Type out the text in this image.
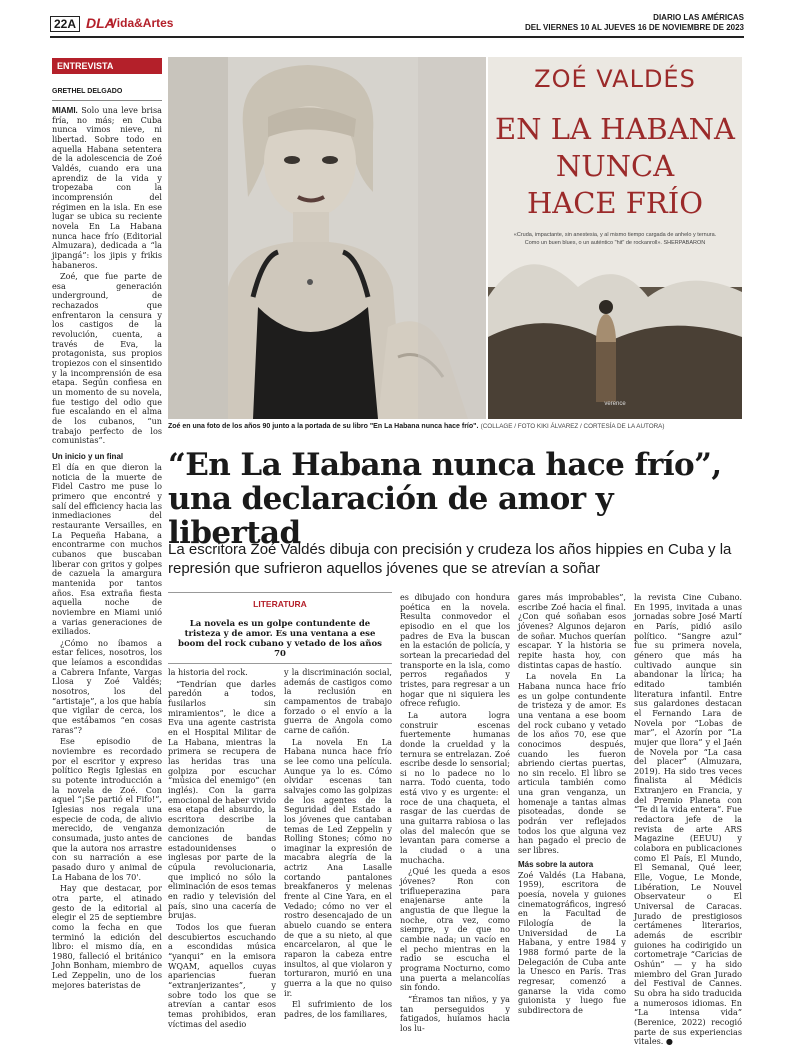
22A DLA
Vida&Artes	DIARIO LAS AMÉRICAS
DEL VIERNES 10 AL JUEVES 16 DE NOVIEMBRE DE 2023
ENTREVISTA
GRETHEL DELGADO

MIAMI. Solo una leve brisa fría, no más; en Cuba nunca vimos nieve, ni libertad. Sobre todo en aquella Habana setentera de la adolescencia de Zoé Valdés, cuando era una aprendiz de la vida y tropezaba con la incomprensión del régimen en la isla. En ese lugar se ubica su reciente novela En La Habana nunca hace frío (Editorial Almuzara), dedicada a “la jipangá”: los jipis y frikis habaneros.

Zoé, que fue parte de esa generación underground, de rechazados que enfrentaron la censura y los castigos de la revolución, cuenta, a través de Eva, la protagonista, sus propios tropiezos con el sinsentido y la incomprensión de esa etapa. Según confiesa en un momento de su novela, fue testigo del odio que fue escalando en el alma de los cubanos, “un trabajo perfecto de los comunistas”.

Un inicio y un final

El día en que dieron la noticia de la muerte de Fidel Castro me puse lo primero que encontré y salí del efficiency hacia las inmediaciones del restaurante Versailles, en La Pequeña Habana, a encontrarme con muchos cubanos que buscaban liberar con gritos y golpes de cazuela la amargura mantenida por tantos años. Esa extraña fiesta aquella noche de noviembre en Miami unió a varias generaciones de exiliados.

¿Cómo no íbamos a estar felices, nosotros, los que leíamos a escondidas a Cabrera Infante, Vargas Llosa y Zoé Valdés; nosotros, los del “artistaje”, a los que había que vigilar de cerca, los que estábamos “en cosas raras”?

Ese episodio de noviembre es recordado por el escritor y expreso político Regis Iglesias en su potente introducción a la novela de Zoé. Con aquel “¡Se partió el Fifo!”, Iglesias nos regala una especie de coda, de alivio merecido, de venganza consumada, justo antes de que la autora nos arrastre con su narración a ese pasado duro y animal de La Habana de los 70'.

Hay que destacar, por otra parte, el atinado gesto de la editorial al elegir el 25 de septiembre como la fecha en que terminó la edición del libro: el mismo día, en 1980, falleció el británico John Bonham, miembro de Led Zeppelin, uno de los mejores bateristas de

ZOÉ VALDÉS
EN LA HABANA
NUNCA
HACE FRÍO
«Cruda, impactante, sin anestesia, y al mismo tiempo cargada de anhelo y ternura. Como un buen blues, o un auténtico "hit" de rockanroll». SHERPABARON
verence
Zoé en una foto de los años 90 junto a la portada de su libro "En La Habana nunca hace frío". (COLLAGE / FOTO KIKI ÁLVAREZ / CORTESÍA DE LA AUTORA)
“En La Habana nunca hace frío”, una declaración de amor y libertad
La escritora Zoé Valdés dibuja con precisión y crudeza los años hippies en Cuba y la represión que sufrieron aquellos jóvenes que se atrevían a soñar
LITERATURA
La novela es un golpe contundente de tristeza y de amor. Es una ventana a ese boom del rock cubano y vetado de los años 70

la historia del rock.

“Tendrían que darles paredón a todos, fusilarlos sin miramientos”, le dice a Eva una agente castrista en el Hospital Militar de La Habana, mientras la primera se recupera de las heridas tras una golpiza por escuchar “música del enemigo” (en inglés). Con la garra emocional de haber vivido esa etapa del absurdo, la escritora describe la demonización de canciones de bandas estadounidenses o inglesas por parte de la cúpula revolucionaria, que implicó no sólo la eliminación de esos temas en radio y televisión del país, sino una cacería de brujas.

Todos los que fueran descubiertos escuchando a escondidas música “yanqui” en la emisora WQAM, aquellos cuyas apariencias fueran “extranjerizantes”, y sobre todo los que se atrevían a cantar esos temas prohibidos, eran víctimas del asedio

y la discriminación social, además de castigos como la reclusión en campamentos de trabajo forzado o el envío a la guerra de Angola como carne de cañón.

La novela En La Habana nunca hace frío se lee como una película. Aunque ya lo es. Cómo olvidar escenas tan salvajes como las golpizas de los agentes de la Seguridad del Estado a los jóvenes que cantaban temas de Led Zeppelin y Rolling Stones; cómo no imaginar la expresión de macabra alegría de la actriz Ana Lasalle cortando pantalones breakfaneros y melenas frente al Cine Yara, en el Vedado; cómo no ver el rostro desencajado de un abuelo cuando se entera de que a su nieto, al que encarcelaron, al que le raparon la cabeza entre insultos, al que violaron y torturaron, murió en una guerra a la que no quiso ir.

El sufrimiento de los padres, de los familiares,

es dibujado con hondura poética en la novela. Resulta conmovedor el episodio en el que los padres de Eva la buscan en la estación de policía, y sortean la precariedad del transporte en la isla, como perros regañados y tristes, para regresar a un hogar que ni siquiera les ofrece refugio.

La autora logra construir escenas fuertemente humanas donde la crueldad y la ternura se entrelazan. Zoé escribe desde lo sensorial; si no lo padece no lo narra. Todo cuenta, todo está vivo y es urgente: el roce de una chaqueta, el rasgar de las cuerdas de una guitarra rabiosa o las olas del malecón que se levantan para comerse a la ciudad o a una muchacha.

¿Qué les queda a esos jóvenes? Ron con triflueperazina para enajenarse ante la angustia de que llegue la noche, otra vez, como siempre, y de que no cambie nada; un vacío en el pecho mientras en la radio se escucha el programa Nocturno, como una puerta a melancolías sin fondo.

“Éramos tan niños, y ya tan perseguidos y fatigados, huíamos hacia los lu-

gares más improbables”, escribe Zoé hacia el final. ¿Con qué soñaban esos jóvenes? Algunos dejaron de soñar. Muchos querían escapar. Y la historia se repite hasta hoy, con distintas capas de hastío.

La novela En La Habana nunca hace frío es un golpe contundente de tristeza y de amor. Es una ventana a ese boom del rock cubano y vetado de los años 70, ese que conocimos después, cuando les fueron abriendo ciertas puertas, no sin recelo. El libro se articula también como una gran venganza, un homenaje a tantas almas pisoteadas, donde se podrán ver reflejados todos los que alguna vez han pagado el precio de ser libres.

Más sobre la autora

Zoé Valdés (La Habana, 1959), escritora de poesía, novela y guiones cinematográficos, ingresó en la Facultad de Filología de la Universidad de La Habana, y entre 1984 y 1988 formó parte de la Delegación de Cuba ante la Unesco en París. Tras regresar, comenzó a ganarse la vida como guionista y luego fue subdirectora de

la revista Cine Cubano. En 1995, invitada a unas jornadas sobre José Martí en París, pidió asilo político. “Sangre azul” fue su primera novela, género que más ha cultivado aunque sin abandonar la lírica; ha editado también literatura infantil. Entre sus galardones destacan el Fernando Lara de Novela por “Lobas de mar”, el Azorín por “La mujer que llora” y el Jaén de Novela por “La casa del placer” (Almuzara, 2019). Ha sido tres veces finalista al Médicis Extranjero en Francia, y del Premio Planeta con “Te di la vida entera”. Fue redactora jefe de la revista de arte ARS Magazine (EEUU) y colabora en publicaciones como El País, El Mundo, El Semanal, Qué leer, Elle, Vogue, Le Monde, Libération, Le Nouvel Observateur o El Universal de Caracas. Jurado de prestigiosos certámenes literarios, además de escribir guiones ha codirigido un cortometraje “Caricias de Oshún” — y ha sido miembro del Gran Jurado del Festival de Cannes. Su obra ha sido traducida a numerosos idiomas. En “La intensa vida” (Berenice, 2022) recogió parte de sus experiencias vitales. ●
